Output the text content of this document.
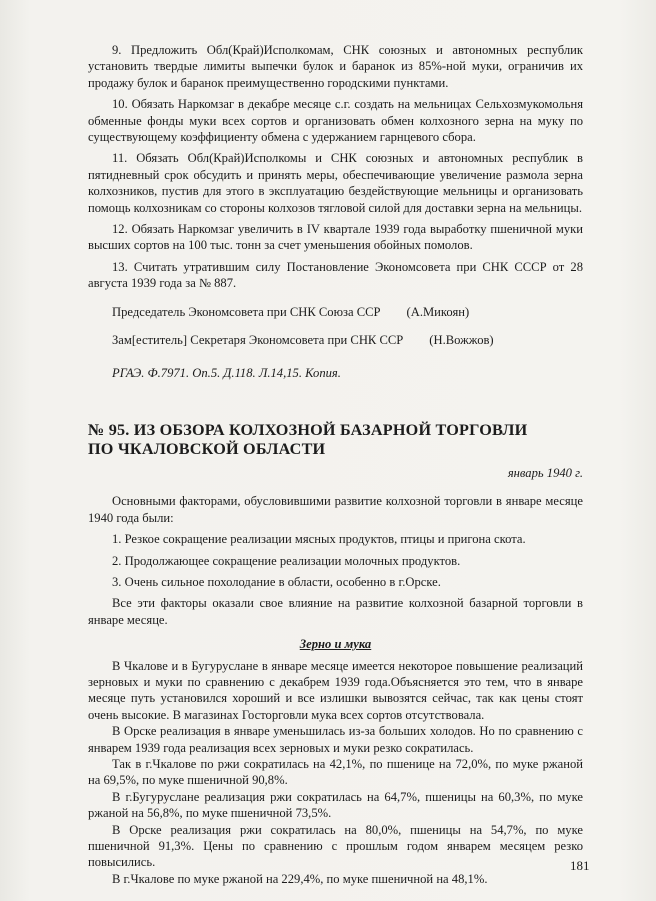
9. Предложить Обл(Край)Исполкомам, СНК союзных и автономных республик установить твердые лимиты выпечки булок и баранок из 85%-ной муки, ограничив их продажу булок и баранок преимущественно городскими пунктами.

10. Обязать Наркомзаг в декабре месяце с.г. создать на мельницах Сельхозмукомольня обменные фонды муки всех сортов и организовать обмен колхозного зерна на муку по существующему коэффициенту обмена с удержанием гарнцевого сбора.

11. Обязать Обл(Край)Исполкомы и СНК союзных и автономных республик в пятидневный срок обсудить и принять меры, обеспечивающие увеличение размола зерна колхозников, пустив для этого в эксплуатацию бездействующие мельницы и организовать помощь колхозникам со стороны колхозов тягловой силой для доставки зерна на мельницы.

12. Обязать Наркомзаг увеличить в IV квартале 1939 года выработку пшеничной муки высших сортов на 100 тыс. тонн за счет уменьшения обойных помолов.

13. Считать утратившим силу Постановление Экономсовета при СНК СССР от 28 августа 1939 года за № 887.

Председатель Экономсовета при СНК Союза ССР (А.Микоян)

Зам[еститель] Секретаря Экономсовета при СНК ССР (Н.Вожжов)

РГАЭ. Ф.7971. Оп.5. Д.118. Л.14,15. Копия.

№ 95. ИЗ ОБЗОРА КОЛХОЗНОЙ БАЗАРНОЙ ТОРГОВЛИ
ПО ЧКАЛОВСКОЙ ОБЛАСТИ

январь 1940 г.

Основными факторами, обусловившими развитие колхозной торговли в январе месяце 1940 года были:

1. Резкое сокращение реализации мясных продуктов, птицы и пригона скота.

2. Продолжающее сокращение реализации молочных продуктов.

3. Очень сильное похолодание в области, особенно в г.Орске.

Все эти факторы оказали свое влияние на развитие колхозной базарной торговли в январе месяце.

Зерно и мука

В Чкалове и в Бугуруслане в январе месяце имеется некоторое повышение реализаций зерновых и муки по сравнению с декабрем 1939 года.Объясняется это тем, что в январе месяце путь установился хороший и все излишки вывозятся сейчас, так как цены стоят очень высокие. В магазинах Госторговли мука всех сортов отсутствовала.

В Орске реализация в январе уменьшилась из-за больших холодов. Но по сравнению с январем 1939 года реализация всех зерновых и муки резко сократилась.

Так в г.Чкалове по ржи сократилась на 42,1%, по пшенице на 72,0%, по муке ржаной на 69,5%, по муке пшеничной 90,8%.

В г.Бугуруслане реализация ржи сократилась на 64,7%, пшеницы на 60,3%, по муке ржаной на 56,8%, по муке пшеничной 73,5%.

В Орске реализация ржи сократилась на 80,0%, пшеницы на 54,7%, по муке пшеничной 91,3%. Цены по сравнению с прошлым годом январем месяцем резко повысились.

В г.Чкалове по муке ржаной на 229,4%, по муке пшеничной на 48,1%.

181
